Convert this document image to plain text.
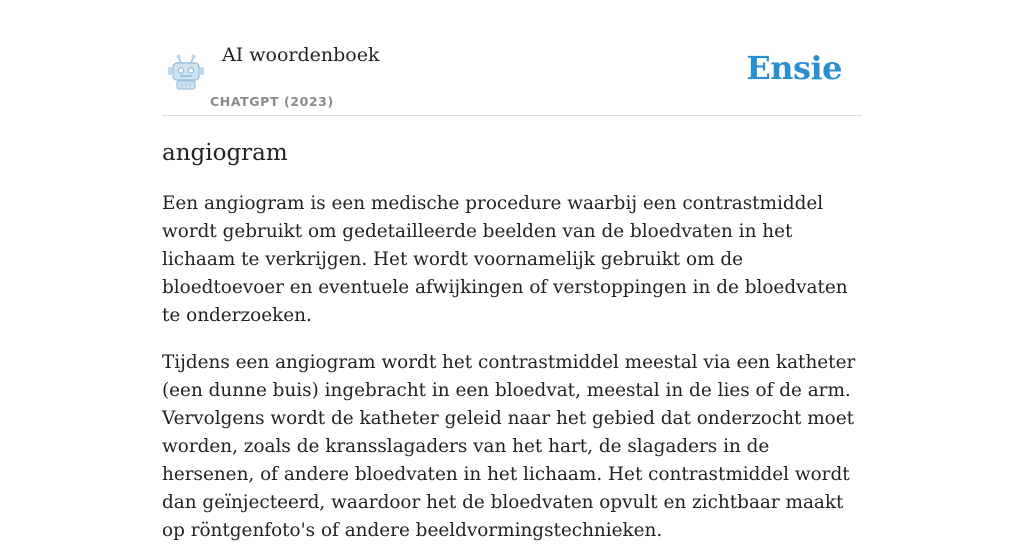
AI woordenboek
CHATGPT (2023)
Ensie
angiogram

Een angiogram is een medische procedure waarbij een contrastmiddel wordt gebruikt om gedetailleerde beelden van de bloedvaten in het lichaam te verkrijgen. Het wordt voornamelijk gebruikt om de bloedtoevoer en eventuele afwijkingen of verstoppingen in de bloedvaten te onderzoeken.

Tijdens een angiogram wordt het contrastmiddel meestal via een katheter (een dunne buis) ingebracht in een bloedvat, meestal in de lies of de arm. Vervolgens wordt de katheter geleid naar het gebied dat onderzocht moet worden, zoals de kransslagaders van het hart, de slagaders in de hersenen, of andere bloedvaten in het lichaam. Het contrastmiddel wordt dan geïnjecteerd, waardoor het de bloedvaten opvult en zichtbaar maakt op röntgenfoto's of andere beeldvormingstechnieken.
